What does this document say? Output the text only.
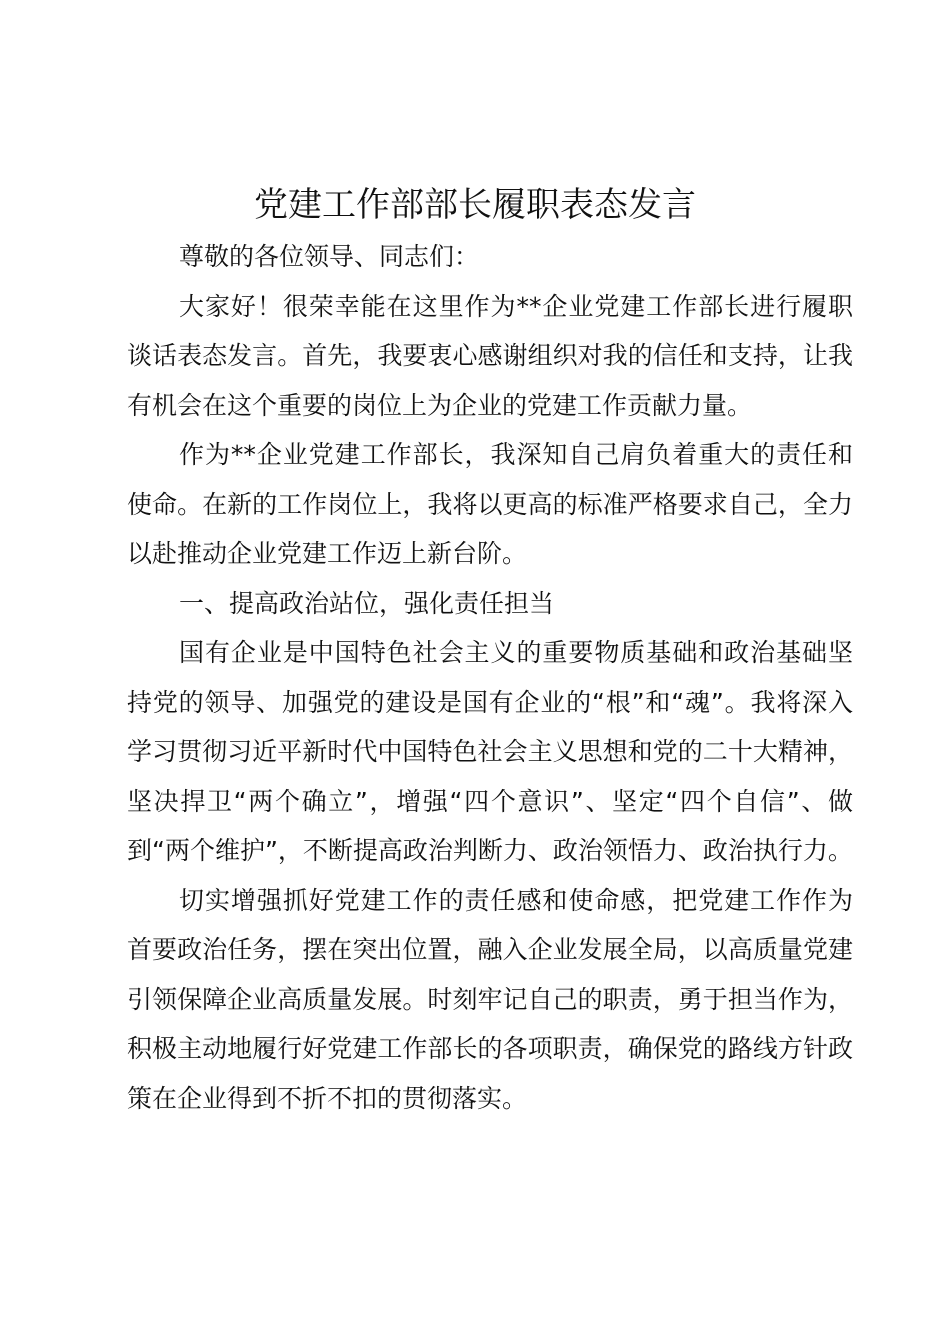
党建工作部部长履职表态发言

尊敬的各位领导、同志们：

大家好！很荣幸能在这里作为**企业党建工作部长进行履职谈话表态发言。首先，我要衷心感谢组织对我的信任和支持，让我有机会在这个重要的岗位上为企业的党建工作贡献力量。

作为**企业党建工作部长，我深知自己肩负着重大的责任和使命。在新的工作岗位上，我将以更高的标准严格要求自己，全力以赴推动企业党建工作迈上新台阶。

一、提高政治站位，强化责任担当

国有企业是中国特色社会主义的重要物质基础和政治基础坚持党的领导、加强党的建设是国有企业的“根”和“魂”。我将深入学习贯彻习近平新时代中国特色社会主义思想和党的二十大精神，坚决捍卫“两个确立”，增强“四个意识”、坚定“四个自信”、做到“两个维护”，不断提高政治判断力、政治领悟力、政治执行力。

切实增强抓好党建工作的责任感和使命感，把党建工作作为首要政治任务，摆在突出位置，融入企业发展全局，以高质量党建引领保障企业高质量发展。时刻牢记自己的职责，勇于担当作为，积极主动地履行好党建工作部长的各项职责，确保党的路线方针政策在企业得到不折不扣的贯彻落实。
